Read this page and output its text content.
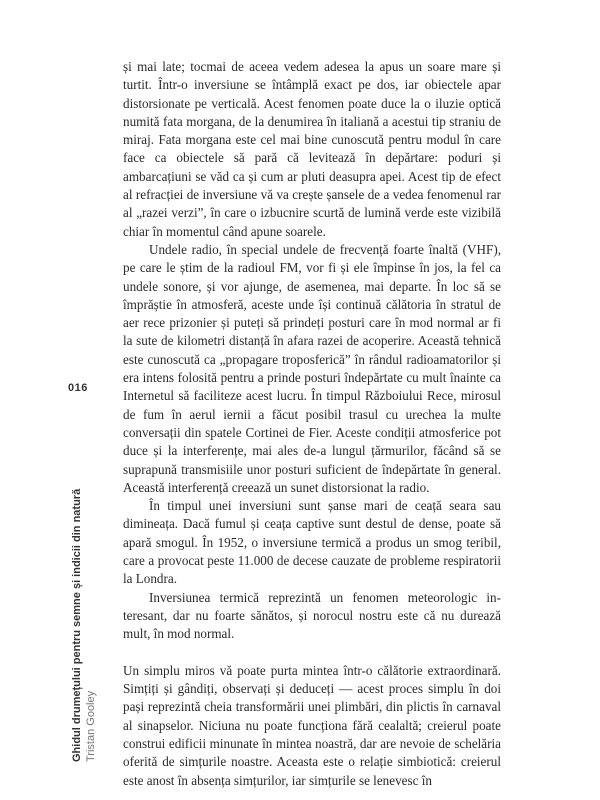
016
Ghidul drumețului pentru semne și indicii din natură Tristan Gooley

și mai late; tocmai de aceea vedem adesea la apus un soare mare și turtit. Într-o inversiune se întâmplă exact pe dos, iar obiectele apar distorsionate pe verticală. Acest fenomen poate duce la o iluzie optică numită fata morgana, de la denumirea în italiană a acestui tip straniu de miraj. Fata morgana este cel mai bine cunoscută pentru modul în care face ca obiectele să pară că levitează în depărtare: poduri și ambarcațiuni se văd ca și cum ar pluti deasupra apei. Acest tip de efect al refracției de inversiune vă va crește șansele de a vedea fenomenul rar al „razei verzi”, în care o izbucnire scurtă de lumină verde este vizibilă chiar în momentul când apune soarele.

Undele radio, în special undele de frecvență foarte înaltă (VHF), pe care le știm de la radioul FM, vor fi și ele împinse în jos, la fel ca undele sonore, și vor ajunge, de asemenea, mai departe. În loc să se împrăștie în atmosferă, aceste unde își continuă călătoria în stratul de aer rece prizonier și puteți să prindeți posturi care în mod normal ar fi la sute de kilometri distanță în afara razei de acoperire. Această tehnică este cunoscută ca „propagare troposferică” în rândul radioamatorilor și era intens folosită pentru a prinde posturi îndepărtate cu mult înainte ca Internetul să faciliteze acest lucru. În timpul Războiului Rece, mirosul de fum în aerul iernii a făcut posibil trasul cu urechea la multe conversații din spatele Cortinei de Fier. Aceste condiții atmosferice pot duce și la interferențe, mai ales de-a lungul țărmurilor, făcând să se suprapună transmisiile unor posturi suficient de îndepărtate în general. Această interferență creează un sunet distorsionat la radio.

În timpul unei inversiuni sunt șanse mari de ceață seara sau dimineața. Dacă fumul și ceața captive sunt destul de dense, poate să apară smogul. În 1952, o inversiune termică a produs un smog teribil, care a provocat peste 11.000 de decese cauzate de probleme respiratorii la Londra.

Inversiunea termică reprezintă un fenomen meteorologic interesant, dar nu foarte sănătos, și norocul nostru este că nu durează mult, în mod normal.

Un simplu miros vă poate purta mintea într-o călătorie extraordinară. Simțiți și gândiți, observați și deduceți — acest proces simplu în doi pași reprezintă cheia transformării unei plimbări, din plictis în carnaval al sinapselor. Niciuna nu poate funcționa fără cealaltă; creierul poate construi edificii minunate în mintea noastră, dar are nevoie de schelăria oferită de simțurile noastre. Aceasta este o relație simbiotică: creierul este anost în absența simțurilor, iar simțurile se lenevesc în
